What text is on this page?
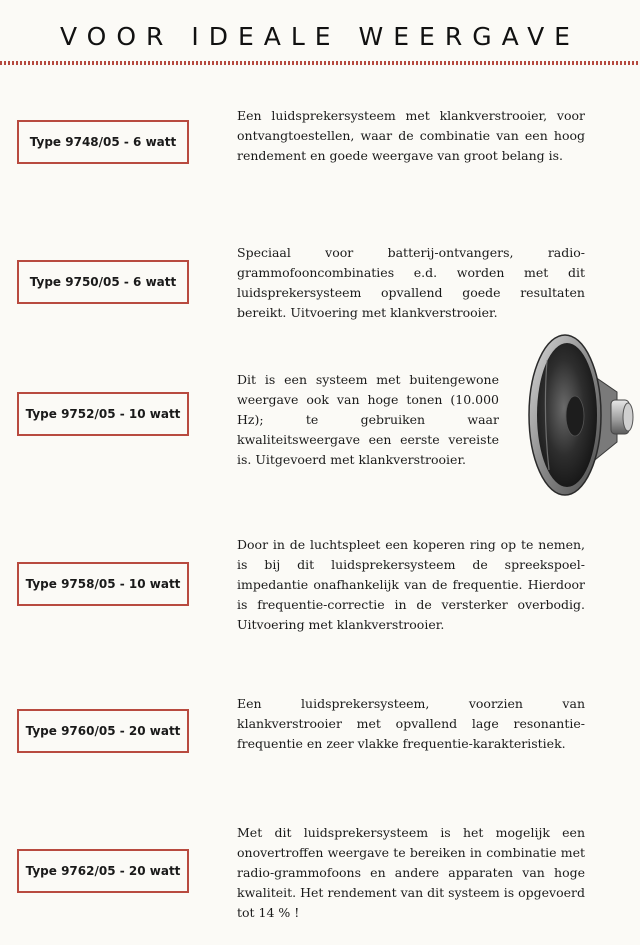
VOOR IDEALE WEERGAVE
Type 9748/05 - 6 watt

Een luidsprekersysteem met klankverstrooier, voor ontvangtoestellen, waar de combinatie van een hoog rendement en goede weergave van groot belang is.

Type 9750/05 - 6 watt

Speciaal voor batterij-ontvangers, radio-grammofooncombinaties e.d. worden met dit luidsprekersysteem opvallend goede resultaten bereikt. Uitvoering met klankverstrooier.

Type 9752/05 - 10 watt

Dit is een systeem met buitengewone weergave ook van hoge tonen (10.000 Hz); te gebruiken waar kwaliteitsweergave een eerste vereiste is. Uitgevoerd met klankverstrooier.

Type 9758/05 - 10 watt

Door in de luchtspleet een koperen ring op te nemen, is bij dit luidsprekersysteem de spreekspoel-impedantie onafhankelijk van de frequentie. Hierdoor is frequentie-correctie in de versterker overbodig. Uitvoering met klankverstrooier.

Type 9760/05 - 20 watt

Een luidsprekersysteem, voorzien van klankverstrooier met opvallend lage resonantie-frequentie en zeer vlakke frequentie-karakteristiek.

Type 9762/05 - 20 watt

Met dit luidsprekersysteem is het mogelijk een onovertroffen weergave te bereiken in combinatie met radio-grammofoons en andere apparaten van hoge kwaliteit. Het rendement van dit systeem is opgevoerd tot 14 % !
